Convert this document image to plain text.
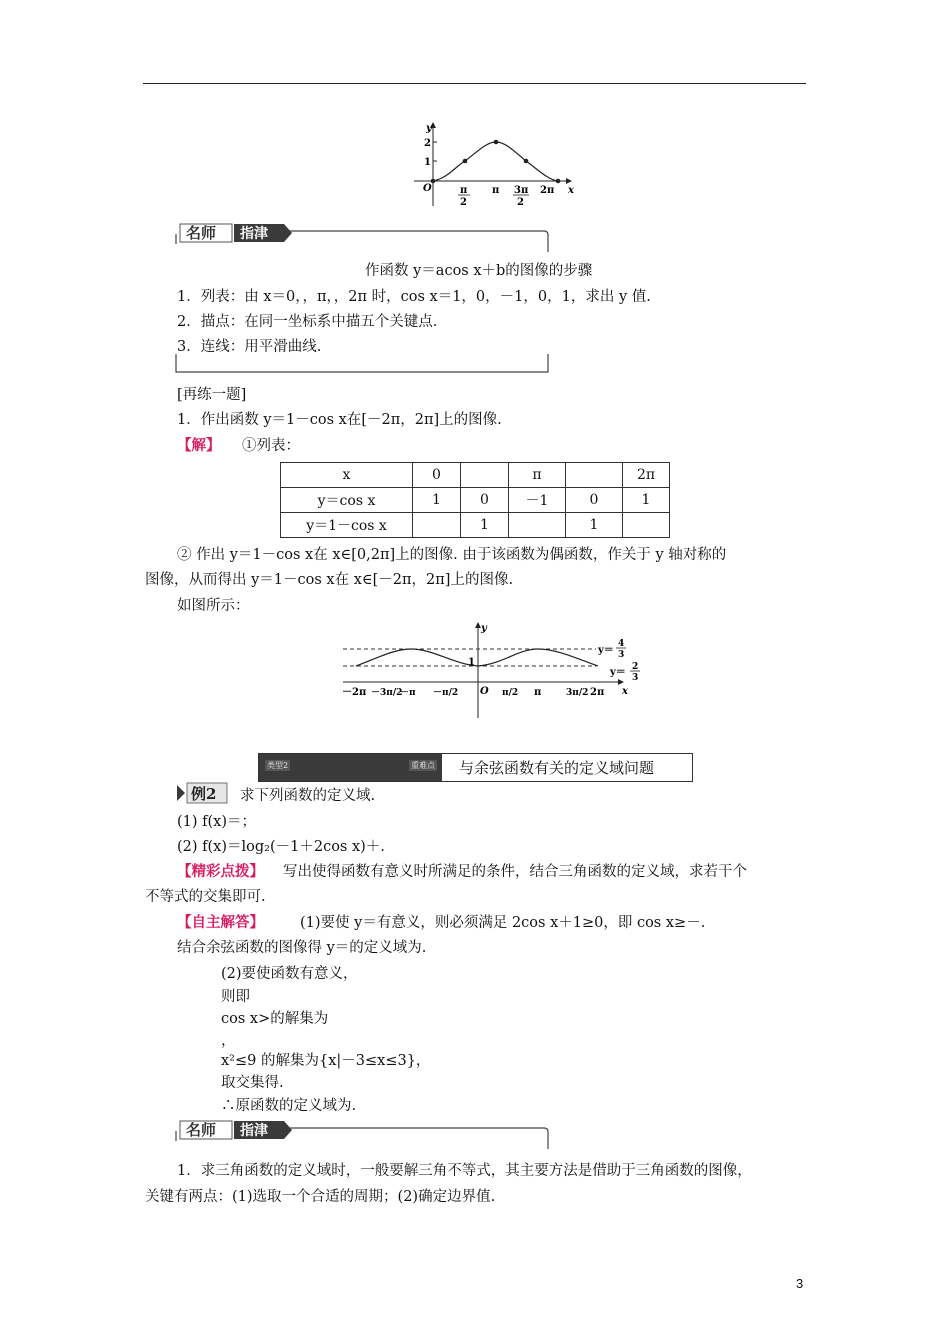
y
x
O
2
1
π
2
π 3π
2
2π
名师 指津
作函数 y＝acos x＋b的图像的步骤
1．列表：由 x＝0，，π，，2π 时，cos x＝1，0，－1，0，1，求出 y 值.
2．描点：在同一坐标系中描五个关键点.
3．连线：用平滑曲线.
[再练一题]
1．作出函数 y＝1－cos x在[－2π，2π]上的图像.
【解】 ①列表：
x	0		π		2π
y＝cos x	1	0	－1	0	1
y＝1－cos x		1		1	
② 作出 y＝1－cos x在 x∈[0,2π]上的图像. 由于该函数为偶函数，作关于 y 轴对称的
图像，从而得出 y＝1－cos x在 x∈[－2π，2π]上的图像.
如图所示：
y
x
O
1
y＝
4
3
y＝ 2
3
－2π －3π/2
－π －π/2	π/2 π	3π/2 2π
类型2	重难点 与余弦函数有关的定义域问题
例2 求下列函数的定义域.
(1) f(x)＝；
(2) f(x)＝log₂(－1＋2cos x)＋.
【精彩点拨】 写出使得函数有意义时所满足的条件，结合三角函数的定义域，求若干个
不等式的交集即可.
【自主解答】 (1)要使 y＝有意义，则必须满足 2cos x＋1≥0，即 cos x≥－.
结合余弦函数的图像得 y＝的定义域为.
(2)要使函数有意义，
则即
cos x>的解集为
，
x²≤9 的解集为{x|－3≤x≤3}，
取交集得.
∴原函数的定义域为.
名师 指津
1．求三角函数的定义域时，一般要解三角不等式，其主要方法是借助于三角函数的图像，
关键有两点：(1)选取一个合适的周期；(2)确定边界值.
3
